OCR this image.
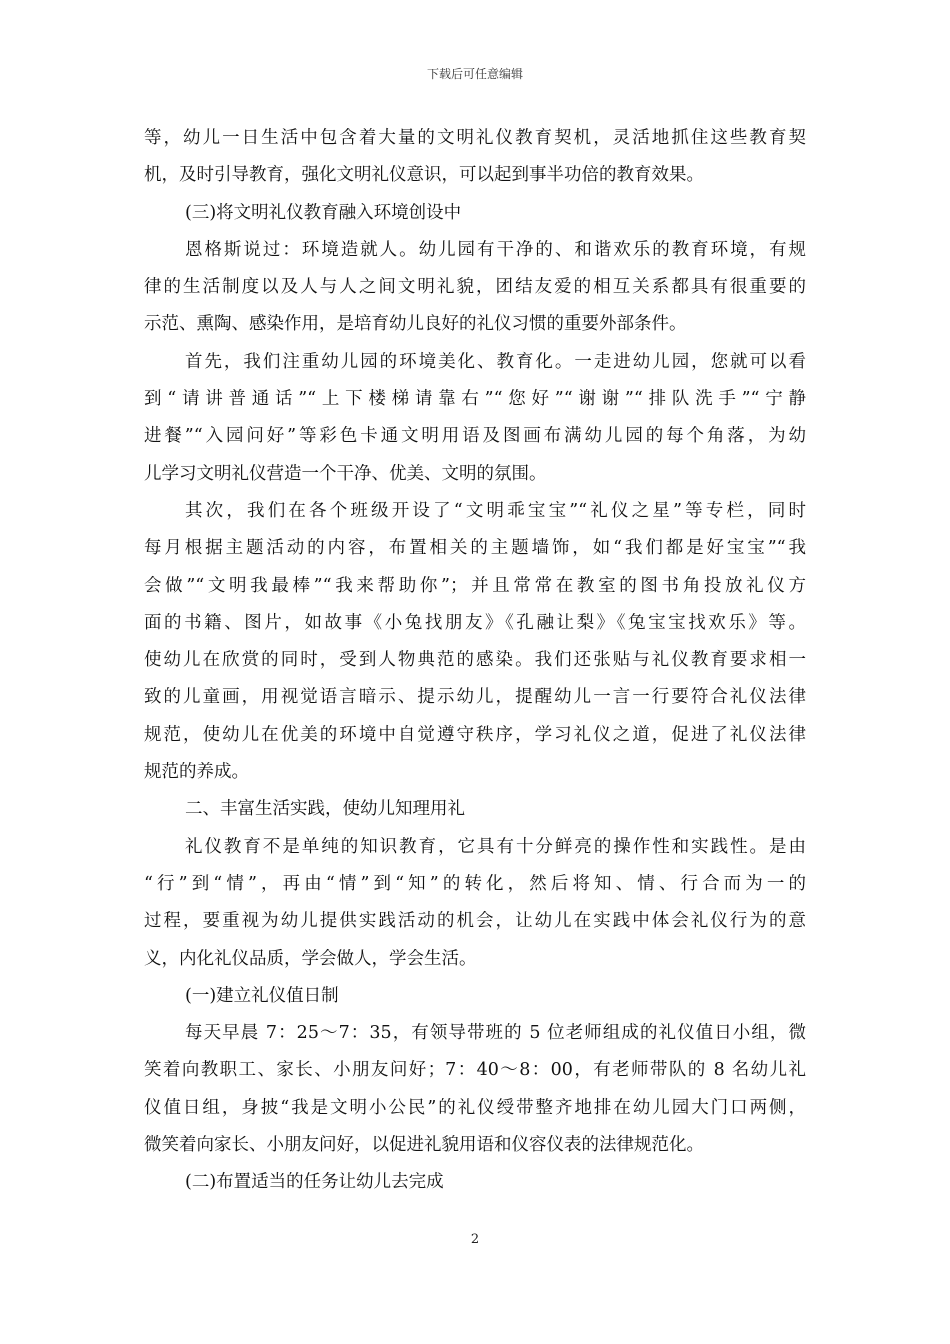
下载后可任意编辑
等，幼儿一日生活中包含着大量的文明礼仪教育契机，灵活地抓住这些教育契
机，及时引导教育，强化文明礼仪意识，可以起到事半功倍的教育效果。
(三)将文明礼仪教育融入环境创设中
恩格斯说过：环境造就人。幼儿园有干净的、和谐欢乐的教育环境，有规
律的生活制度以及人与人之间文明礼貌，团结友爱的相互关系都具有很重要的
示范、熏陶、感染作用，是培育幼儿良好的礼仪习惯的重要外部条件。
首先，我们注重幼儿园的环境美化、教育化。一走进幼儿园，您就可以看
到“请讲普通话”“上下楼梯请靠右”“您好”“谢谢”“排队洗手”“宁静
进餐”“入园问好”等彩色卡通文明用语及图画布满幼儿园的每个角落，为幼
儿学习文明礼仪营造一个干净、优美、文明的氛围。
其次，我们在各个班级开设了“文明乖宝宝”“礼仪之星”等专栏，同时
每月根据主题活动的内容，布置相关的主题墙饰，如“我们都是好宝宝”“我
会做”“文明我最棒”“我来帮助你”；并且常常在教室的图书角投放礼仪方
面的书籍、图片，如故事《小兔找朋友》《孔融让梨》《兔宝宝找欢乐》等。
使幼儿在欣赏的同时，受到人物典范的感染。我们还张贴与礼仪教育要求相一
致的儿童画，用视觉语言暗示、提示幼儿，提醒幼儿一言一行要符合礼仪法律
规范，使幼儿在优美的环境中自觉遵守秩序，学习礼仪之道，促进了礼仪法律
规范的养成。
二、丰富生活实践，使幼儿知理用礼
礼仪教育不是单纯的知识教育，它具有十分鲜亮的操作性和实践性。是由
“行”到“情”，再由“情”到“知”的转化，然后将知、情、行合而为一的
过程，要重视为幼儿提供实践活动的机会，让幼儿在实践中体会礼仪行为的意
义，内化礼仪品质，学会做人，学会生活。
(一)建立礼仪值日制
每天早晨 7：25～7：35，有领导带班的 5 位老师组成的礼仪值日小组，微
笑着向教职工、家长、小朋友问好；7：40～8：00，有老师带队的 8 名幼儿礼
仪值日组，身披“我是文明小公民”的礼仪绶带整齐地排在幼儿园大门口两侧，
微笑着向家长、小朋友问好，以促进礼貌用语和仪容仪表的法律规范化。
(二)布置适当的任务让幼儿去完成
2
